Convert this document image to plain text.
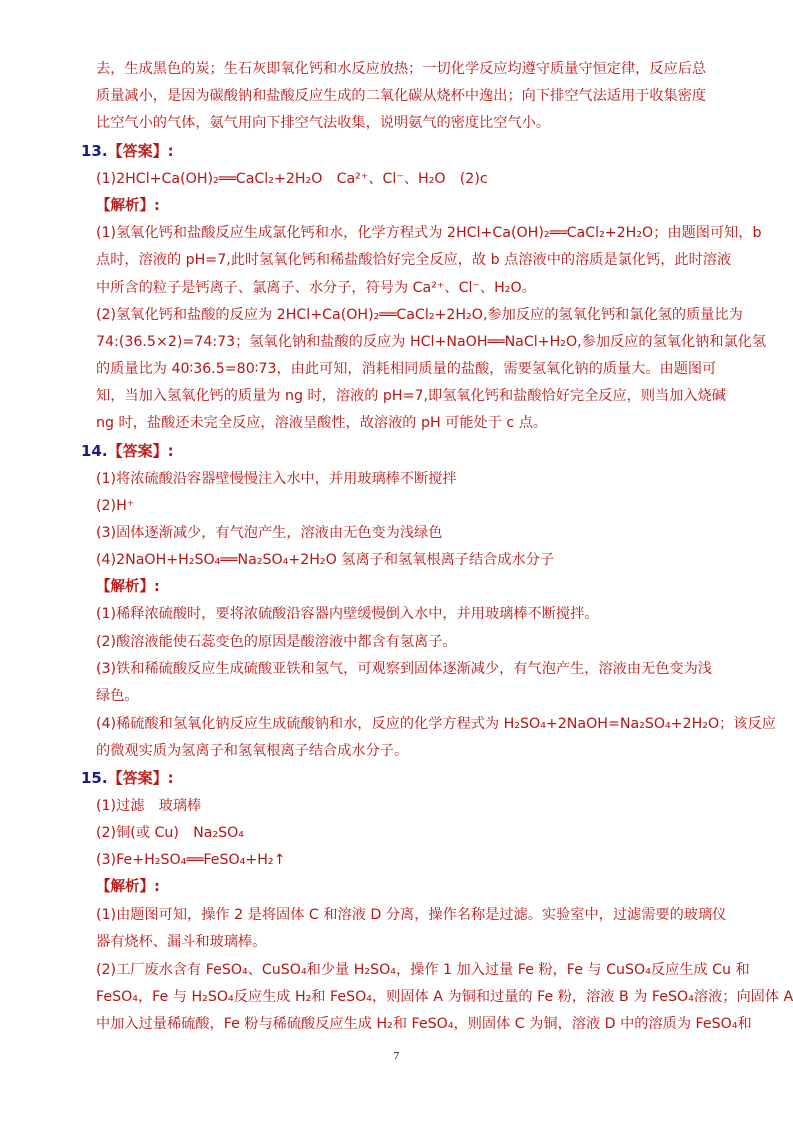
去，生成黑色的炭；生石灰即氧化钙和水反应放热；一切化学反应均遵守质量守恒定律，反应后总
质量减小，是因为碳酸钠和盐酸反应生成的二氧化碳从烧杯中逸出；向下排空气法适用于收集密度
比空气小的气体，氨气用向下排空气法收集，说明氨气的密度比空气小。
13.【答案】:
(1)2HCl+Ca(OH)₂══CaCl₂+2H₂O　Ca²⁺、Cl⁻、H₂O　(2)c
【解析】:
(1)氢氧化钙和盐酸反应生成氯化钙和水，化学方程式为 2HCl+Ca(OH)₂══CaCl₂+2H₂O；由题图可知，b
点时，溶液的 pH=7,此时氢氧化钙和稀盐酸恰好完全反应，故 b 点溶液中的溶质是氯化钙，此时溶液
中所含的粒子是钙离子、氯离子、水分子，符号为 Ca²⁺、Cl⁻、H₂O。
(2)氢氧化钙和盐酸的反应为 2HCl+Ca(OH)₂══CaCl₂+2H₂O,参加反应的氢氧化钙和氯化氢的质量比为
74:(36.5×2)=74:73；氢氧化钠和盐酸的反应为 HCl+NaOH══NaCl+H₂O,参加反应的氢氧化钠和氯化氢
的质量比为 40∶36.5=80∶73，由此可知，消耗相同质量的盐酸，需要氢氧化钠的质量大。由题图可
知，当加入氢氧化钙的质量为 ng 时，溶液的 pH=7,即氢氧化钙和盐酸恰好完全反应，则当加入烧碱
ng 时，盐酸还未完全反应，溶液呈酸性，故溶液的 pH 可能处于 c 点。
14.【答案】:
(1)将浓硫酸沿容器壁慢慢注入水中，并用玻璃棒不断搅拌
(2)H⁺
(3)固体逐渐减少，有气泡产生，溶液由无色变为浅绿色
(4)2NaOH+H₂SO₄══Na₂SO₄+2H₂O 氢离子和氢氧根离子结合成水分子
【解析】:
(1)稀释浓硫酸时，要将浓硫酸沿容器内壁缓慢倒入水中，并用玻璃棒不断搅拌。
(2)酸溶液能使石蕊变色的原因是酸溶液中都含有氢离子。
(3)铁和稀硫酸反应生成硫酸亚铁和氢气，可观察到固体逐渐减少，有气泡产生，溶液由无色变为浅
绿色。
(4)稀硫酸和氢氧化钠反应生成硫酸钠和水，反应的化学方程式为 H₂SO₄+2NaOH=Na₂SO₄+2H₂O；该反应
的微观实质为氢离子和氢氧根离子结合成水分子。
15.【答案】:
(1)过滤　玻璃棒
(2)铜(或 Cu)　Na₂SO₄
(3)Fe+H₂SO₄══FeSO₄+H₂↑
【解析】:
(1)由题图可知，操作 2 是将固体 C 和溶液 D 分离，操作名称是过滤。实验室中，过滤需要的玻璃仪
器有烧杯、漏斗和玻璃棒。
(2)工厂废水含有 FeSO₄、CuSO₄和少量 H₂SO₄，操作 1 加入过量 Fe 粉，Fe 与 CuSO₄反应生成 Cu 和
FeSO₄，Fe 与 H₂SO₄反应生成 H₂和 FeSO₄，则固体 A 为铜和过量的 Fe 粉，溶液 B 为 FeSO₄溶液；向固体 A
中加入过量稀硫酸，Fe 粉与稀硫酸反应生成 H₂和 FeSO₄，则固体 C 为铜，溶液 D 中的溶质为 FeSO₄和
7
